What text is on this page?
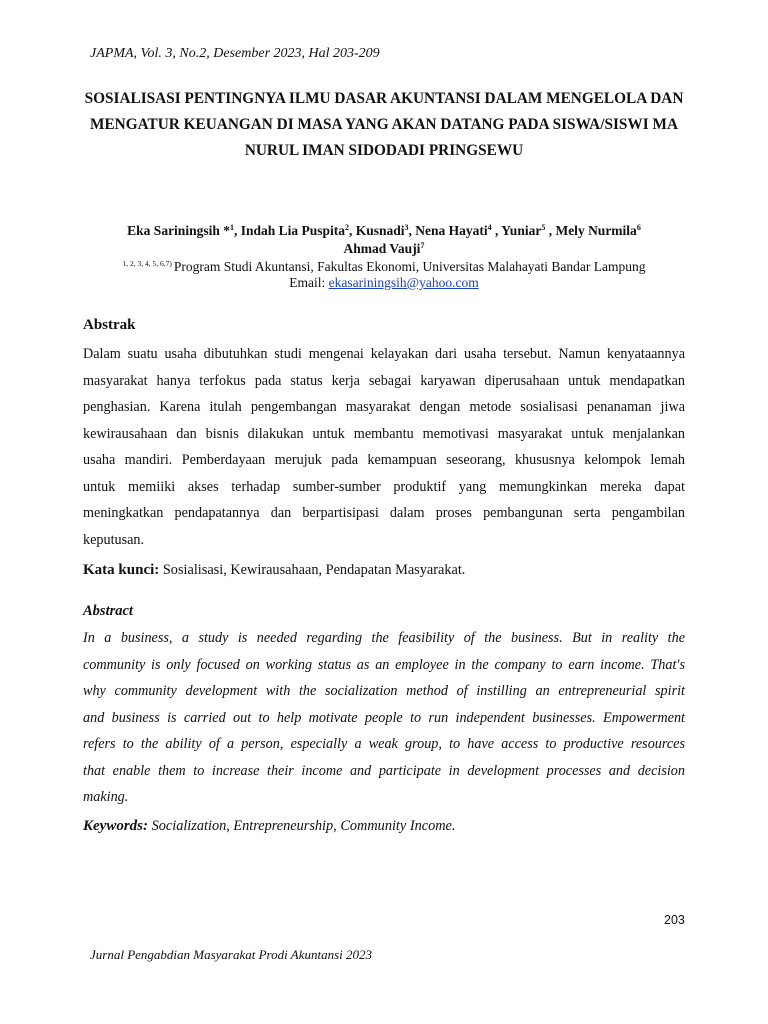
JAPMA, Vol. 3, No.2, Desember 2023, Hal 203-209
SOSIALISASI PENTINGNYA ILMU DASAR AKUNTANSI DALAM MENGELOLA DAN
MENGATUR KEUANGAN DI MASA YANG AKAN DATANG PADA SISWA/SISWI MA
NURUL IMAN SIDODADI PRINGSEWU
Eka Sariningsih *$^1$, Indah Lia Puspita$^2$, Kusnadi$^3$, Nena Hayati$^4$ , Yuniar$^5$ , Mely Nurmila$^6$
Ahmad Vauji$^7$
$^{1, 2, 3, 4, 5, 6,7)}$ Program Studi Akuntansi, Fakultas Ekonomi, Universitas Malahayati Bandar Lampung
Email: ekasariningsih@yahoo.com
Abstrak
Dalam suatu usaha dibutuhkan studi mengenai kelayakan dari usaha tersebut. Namun kenyataannya
masyarakat hanya terfokus pada status kerja sebagai karyawan diperusahaan untuk mendapatkan
penghasian. Karena itulah pengembangan masyarakat dengan metode sosialisasi penanaman jiwa
kewirausahaan dan bisnis dilakukan untuk membantu memotivasi masyarakat untuk menjalankan
usaha mandiri. Pemberdayaan merujuk pada kemampuan seseorang, khususnya kelompok lemah
untuk memiiki akses terhadap sumber-sumber produktif yang memungkinkan mereka dapat
meningkatkan pendapatannya dan berpartisipasi dalam proses pembangunan serta pengambilan
keputusan.
Kata kunci: Sosialisasi, Kewirausahaan, Pendapatan Masyarakat.
Abstract
In a business, a study is needed regarding the feasibility of the business. But in reality the
community is only focused on working status as an employee in the company to earn income. That's
why community development with the socialization method of instilling an entrepreneurial spirit
and business is carried out to help motivate people to run independent businesses. Empowerment
refers to the ability of a person, especially a weak group, to have access to productive resources
that enable them to increase their income and participate in development processes and decision
making.
Keywords: Socialization, Entrepreneurship, Community Income.
203
Jurnal Pengabdian Masyarakat Prodi Akuntansi 2023
